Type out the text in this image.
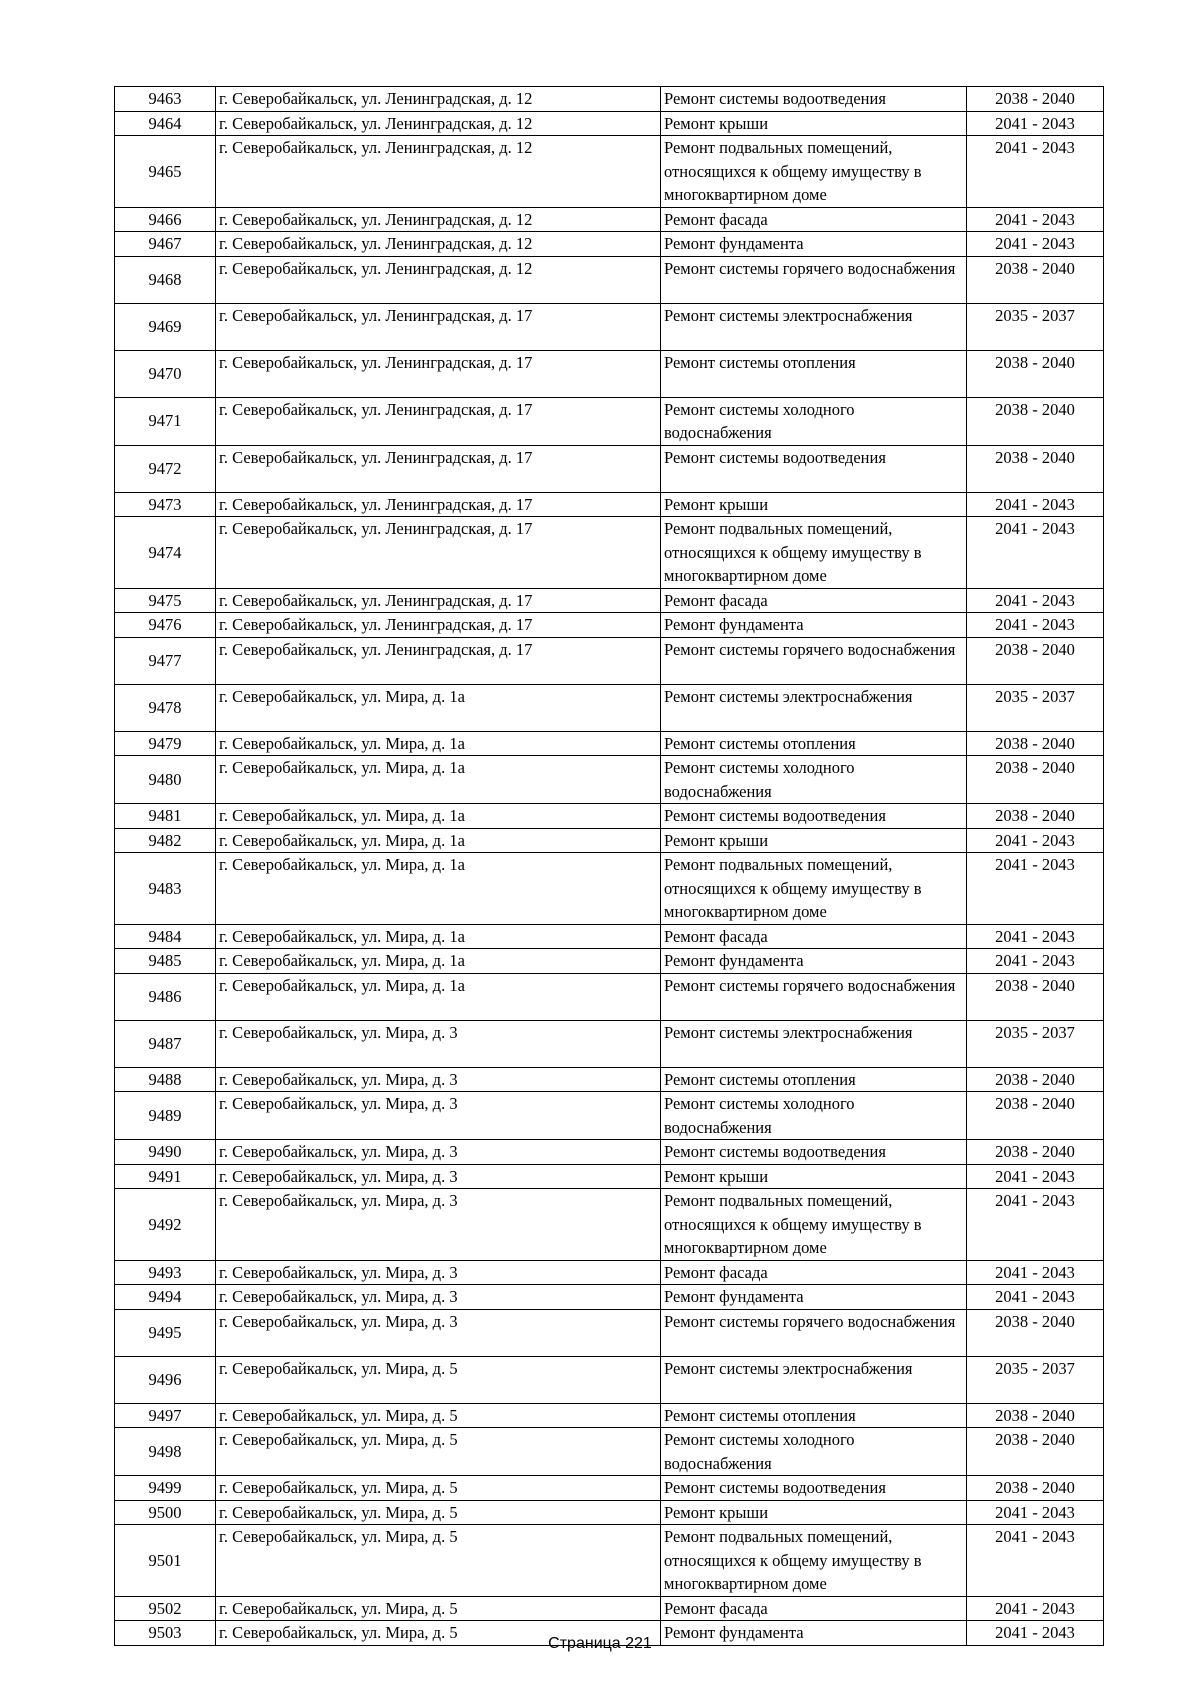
9463	г. Северобайкальск, ул. Ленинградская, д. 12	Ремонт системы водоотведения	2038 - 2040
9464	г. Северобайкальск, ул. Ленинградская, д. 12	Ремонт крыши	2041 - 2043
9465	г. Северобайкальск, ул. Ленинградская, д. 12	Ремонт подвальных помещений, относящихся к общему имуществу в многоквартирном доме	2041 - 2043
9466	г. Северобайкальск, ул. Ленинградская, д. 12	Ремонт фасада	2041 - 2043
9467	г. Северобайкальск, ул. Ленинградская, д. 12	Ремонт фундамента	2041 - 2043
9468	г. Северобайкальск, ул. Ленинградская, д. 12	Ремонт системы горячего водоснабжения	2038 - 2040
9469	г. Северобайкальск, ул. Ленинградская, д. 17	Ремонт системы электроснабжения	2035 - 2037
9470	г. Северобайкальск, ул. Ленинградская, д. 17	Ремонт системы отопления	2038 - 2040
9471	г. Северобайкальск, ул. Ленинградская, д. 17	Ремонт системы холодного водоснабжения	2038 - 2040
9472	г. Северобайкальск, ул. Ленинградская, д. 17	Ремонт системы водоотведения	2038 - 2040
9473	г. Северобайкальск, ул. Ленинградская, д. 17	Ремонт крыши	2041 - 2043
9474	г. Северобайкальск, ул. Ленинградская, д. 17	Ремонт подвальных помещений, относящихся к общему имуществу в многоквартирном доме	2041 - 2043
9475	г. Северобайкальск, ул. Ленинградская, д. 17	Ремонт фасада	2041 - 2043
9476	г. Северобайкальск, ул. Ленинградская, д. 17	Ремонт фундамента	2041 - 2043
9477	г. Северобайкальск, ул. Ленинградская, д. 17	Ремонт системы горячего водоснабжения	2038 - 2040
9478	г. Северобайкальск, ул. Мира, д. 1а	Ремонт системы электроснабжения	2035 - 2037
9479	г. Северобайкальск, ул. Мира, д. 1а	Ремонт системы отопления	2038 - 2040
9480	г. Северобайкальск, ул. Мира, д. 1а	Ремонт системы холодного водоснабжения	2038 - 2040
9481	г. Северобайкальск, ул. Мира, д. 1а	Ремонт системы водоотведения	2038 - 2040
9482	г. Северобайкальск, ул. Мира, д. 1а	Ремонт крыши	2041 - 2043
9483	г. Северобайкальск, ул. Мира, д. 1а	Ремонт подвальных помещений, относящихся к общему имуществу в многоквартирном доме	2041 - 2043
9484	г. Северобайкальск, ул. Мира, д. 1а	Ремонт фасада	2041 - 2043
9485	г. Северобайкальск, ул. Мира, д. 1а	Ремонт фундамента	2041 - 2043
9486	г. Северобайкальск, ул. Мира, д. 1а	Ремонт системы горячего водоснабжения	2038 - 2040
9487	г. Северобайкальск, ул. Мира, д. 3	Ремонт системы электроснабжения	2035 - 2037
9488	г. Северобайкальск, ул. Мира, д. 3	Ремонт системы отопления	2038 - 2040
9489	г. Северобайкальск, ул. Мира, д. 3	Ремонт системы холодного водоснабжения	2038 - 2040
9490	г. Северобайкальск, ул. Мира, д. 3	Ремонт системы водоотведения	2038 - 2040
9491	г. Северобайкальск, ул. Мира, д. 3	Ремонт крыши	2041 - 2043
9492	г. Северобайкальск, ул. Мира, д. 3	Ремонт подвальных помещений, относящихся к общему имуществу в многоквартирном доме	2041 - 2043
9493	г. Северобайкальск, ул. Мира, д. 3	Ремонт фасада	2041 - 2043
9494	г. Северобайкальск, ул. Мира, д. 3	Ремонт фундамента	2041 - 2043
9495	г. Северобайкальск, ул. Мира, д. 3	Ремонт системы горячего водоснабжения	2038 - 2040
9496	г. Северобайкальск, ул. Мира, д. 5	Ремонт системы электроснабжения	2035 - 2037
9497	г. Северобайкальск, ул. Мира, д. 5	Ремонт системы отопления	2038 - 2040
9498	г. Северобайкальск, ул. Мира, д. 5	Ремонт системы холодного водоснабжения	2038 - 2040
9499	г. Северобайкальск, ул. Мира, д. 5	Ремонт системы водоотведения	2038 - 2040
9500	г. Северобайкальск, ул. Мира, д. 5	Ремонт крыши	2041 - 2043
9501	г. Северобайкальск, ул. Мира, д. 5	Ремонт подвальных помещений, относящихся к общему имуществу в многоквартирном доме	2041 - 2043
9502	г. Северобайкальск, ул. Мира, д. 5	Ремонт фасада	2041 - 2043
9503	г. Северобайкальск, ул. Мира, д. 5	Ремонт фундамента	2041 - 2043
Страница 221
